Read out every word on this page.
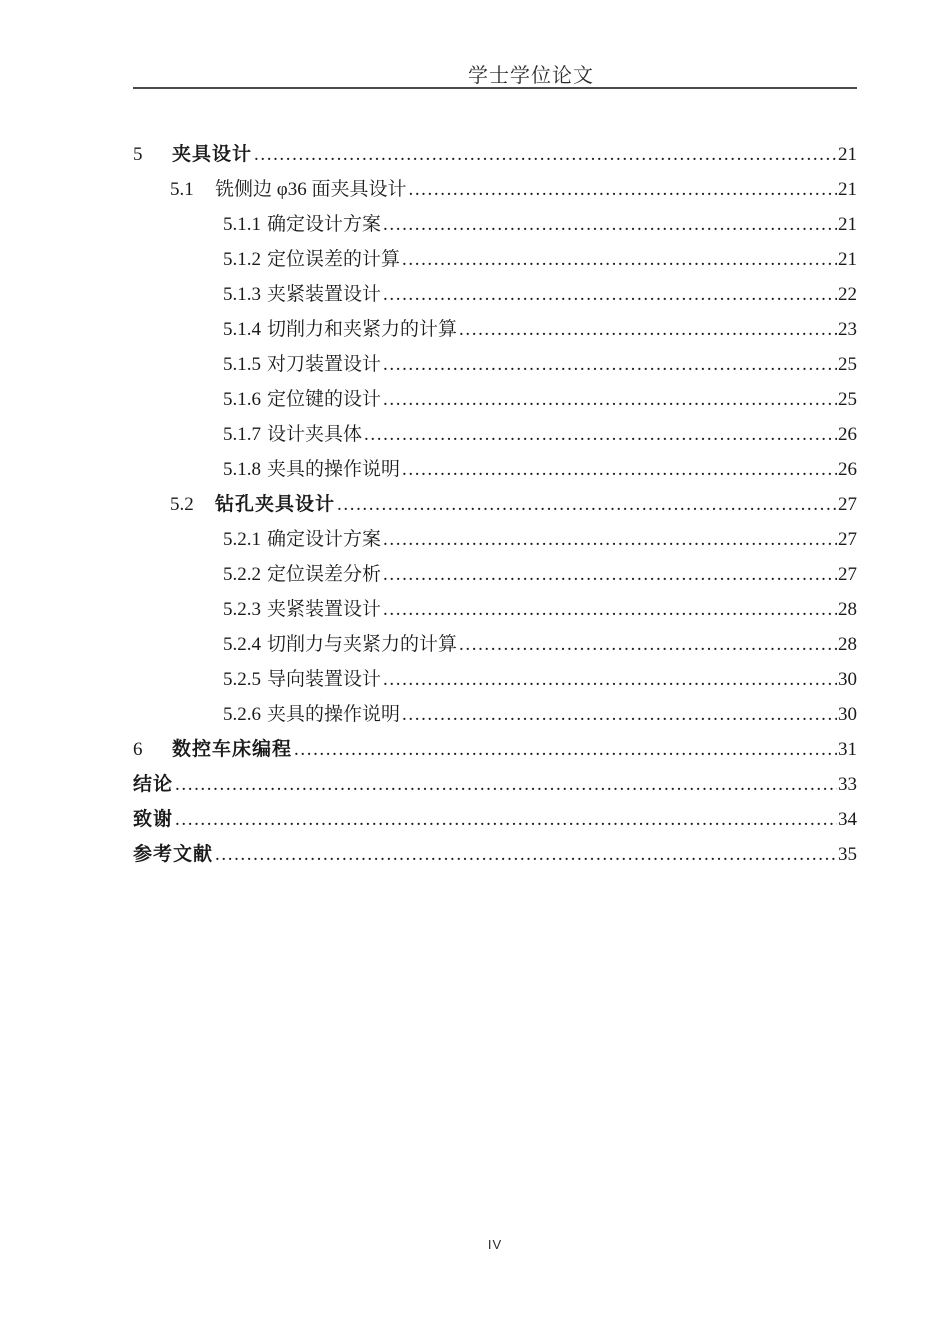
学士学位论文
5	夹具设计 .....	21
5.1	铣侧边 φ36 面夹具设计 .....	21
5.1.1 确定设计方案 .....	21
5.1.2 定位误差的计算 .....	21
5.1.3 夹紧装置设计 .....	22
5.1.4 切削力和夹紧力的计算 .....	23
5.1.5 对刀装置设计 .....	25
5.1.6 定位键的设计 .....	25
5.1.7 设计夹具体 .....	26
5.1.8 夹具的操作说明 .....	26
5.2	钻孔夹具设计 .....	27
5.2.1 确定设计方案 .....	27
5.2.2 定位误差分析 .....	27
5.2.3 夹紧装置设计 .....	28
5.2.4 切削力与夹紧力的计算 .....	28
5.2.5 导向装置设计 .....	30
5.2.6 夹具的操作说明 .....	30
6	数控车床编程 .....	31
结论 .....	33
致谢 .....	34
参考文献 .....	35
IV
